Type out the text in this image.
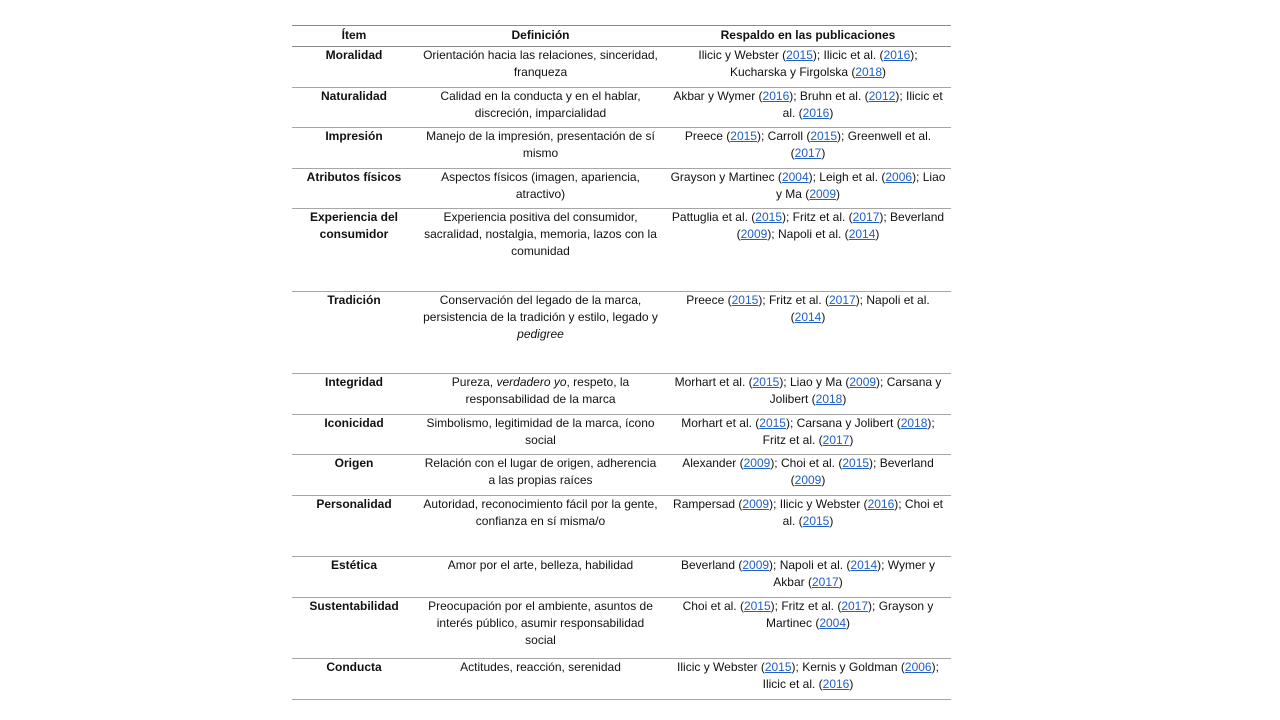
Ítem	Definición	Respaldo en las publicaciones
Moralidad	Orientación hacia las relaciones, sinceridad, franqueza	Ilicic y Webster (2015); Ilicic et al. (2016); Kucharska y Firgolska (2018)
Naturalidad	Calidad en la conducta y en el hablar, discreción, imparcialidad	Akbar y Wymer (2016); Bruhn et al. (2012); Ilicic et al. (2016)
Impresión	Manejo de la impresión, presentación de sí mismo	Preece (2015); Carroll (2015); Greenwell et al. (2017)
Atributos físicos	Aspectos físicos (imagen, apariencia, atractivo)	Grayson y Martinec (2004); Leigh et al. (2006); Liao y Ma (2009)
Experiencia del consumidor	Experiencia positiva del consumidor, sacralidad, nostalgia, memoria, lazos con la comunidad	Pattuglia et al. (2015); Fritz et al. (2017); Beverland (2009); Napoli et al. (2014)
Tradición	Conservación del legado de la marca, persistencia de la tradición y estilo, legado y pedigree	Preece (2015); Fritz et al. (2017); Napoli et al. (2014)
Integridad	Pureza, verdadero yo, respeto, la responsabilidad de la marca	Morhart et al. (2015); Liao y Ma (2009); Carsana y Jolibert (2018)
Iconicidad	Simbolismo, legitimidad de la marca, ícono social	Morhart et al. (2015); Carsana y Jolibert (2018); Fritz et al. (2017)
Origen	Relación con el lugar de origen, adherencia a las propias raíces	Alexander (2009); Choi et al. (2015); Beverland (2009)
Personalidad	Autoridad, reconocimiento fácil por la gente, confianza en sí misma/o	Rampersad (2009); Ilicic y Webster (2016); Choi et al. (2015)
Estética	Amor por el arte, belleza, habilidad	Beverland (2009); Napoli et al. (2014); Wymer y Akbar (2017)
Sustentabilidad	Preocupación por el ambiente, asuntos de interés público, asumir responsabilidad social	Choi et al. (2015); Fritz et al. (2017); Grayson y Martinec (2004)
Conducta	Actitudes, reacción, serenidad	Ilicic y Webster (2015); Kernis y Goldman (2006); Ilicic et al. (2016)
